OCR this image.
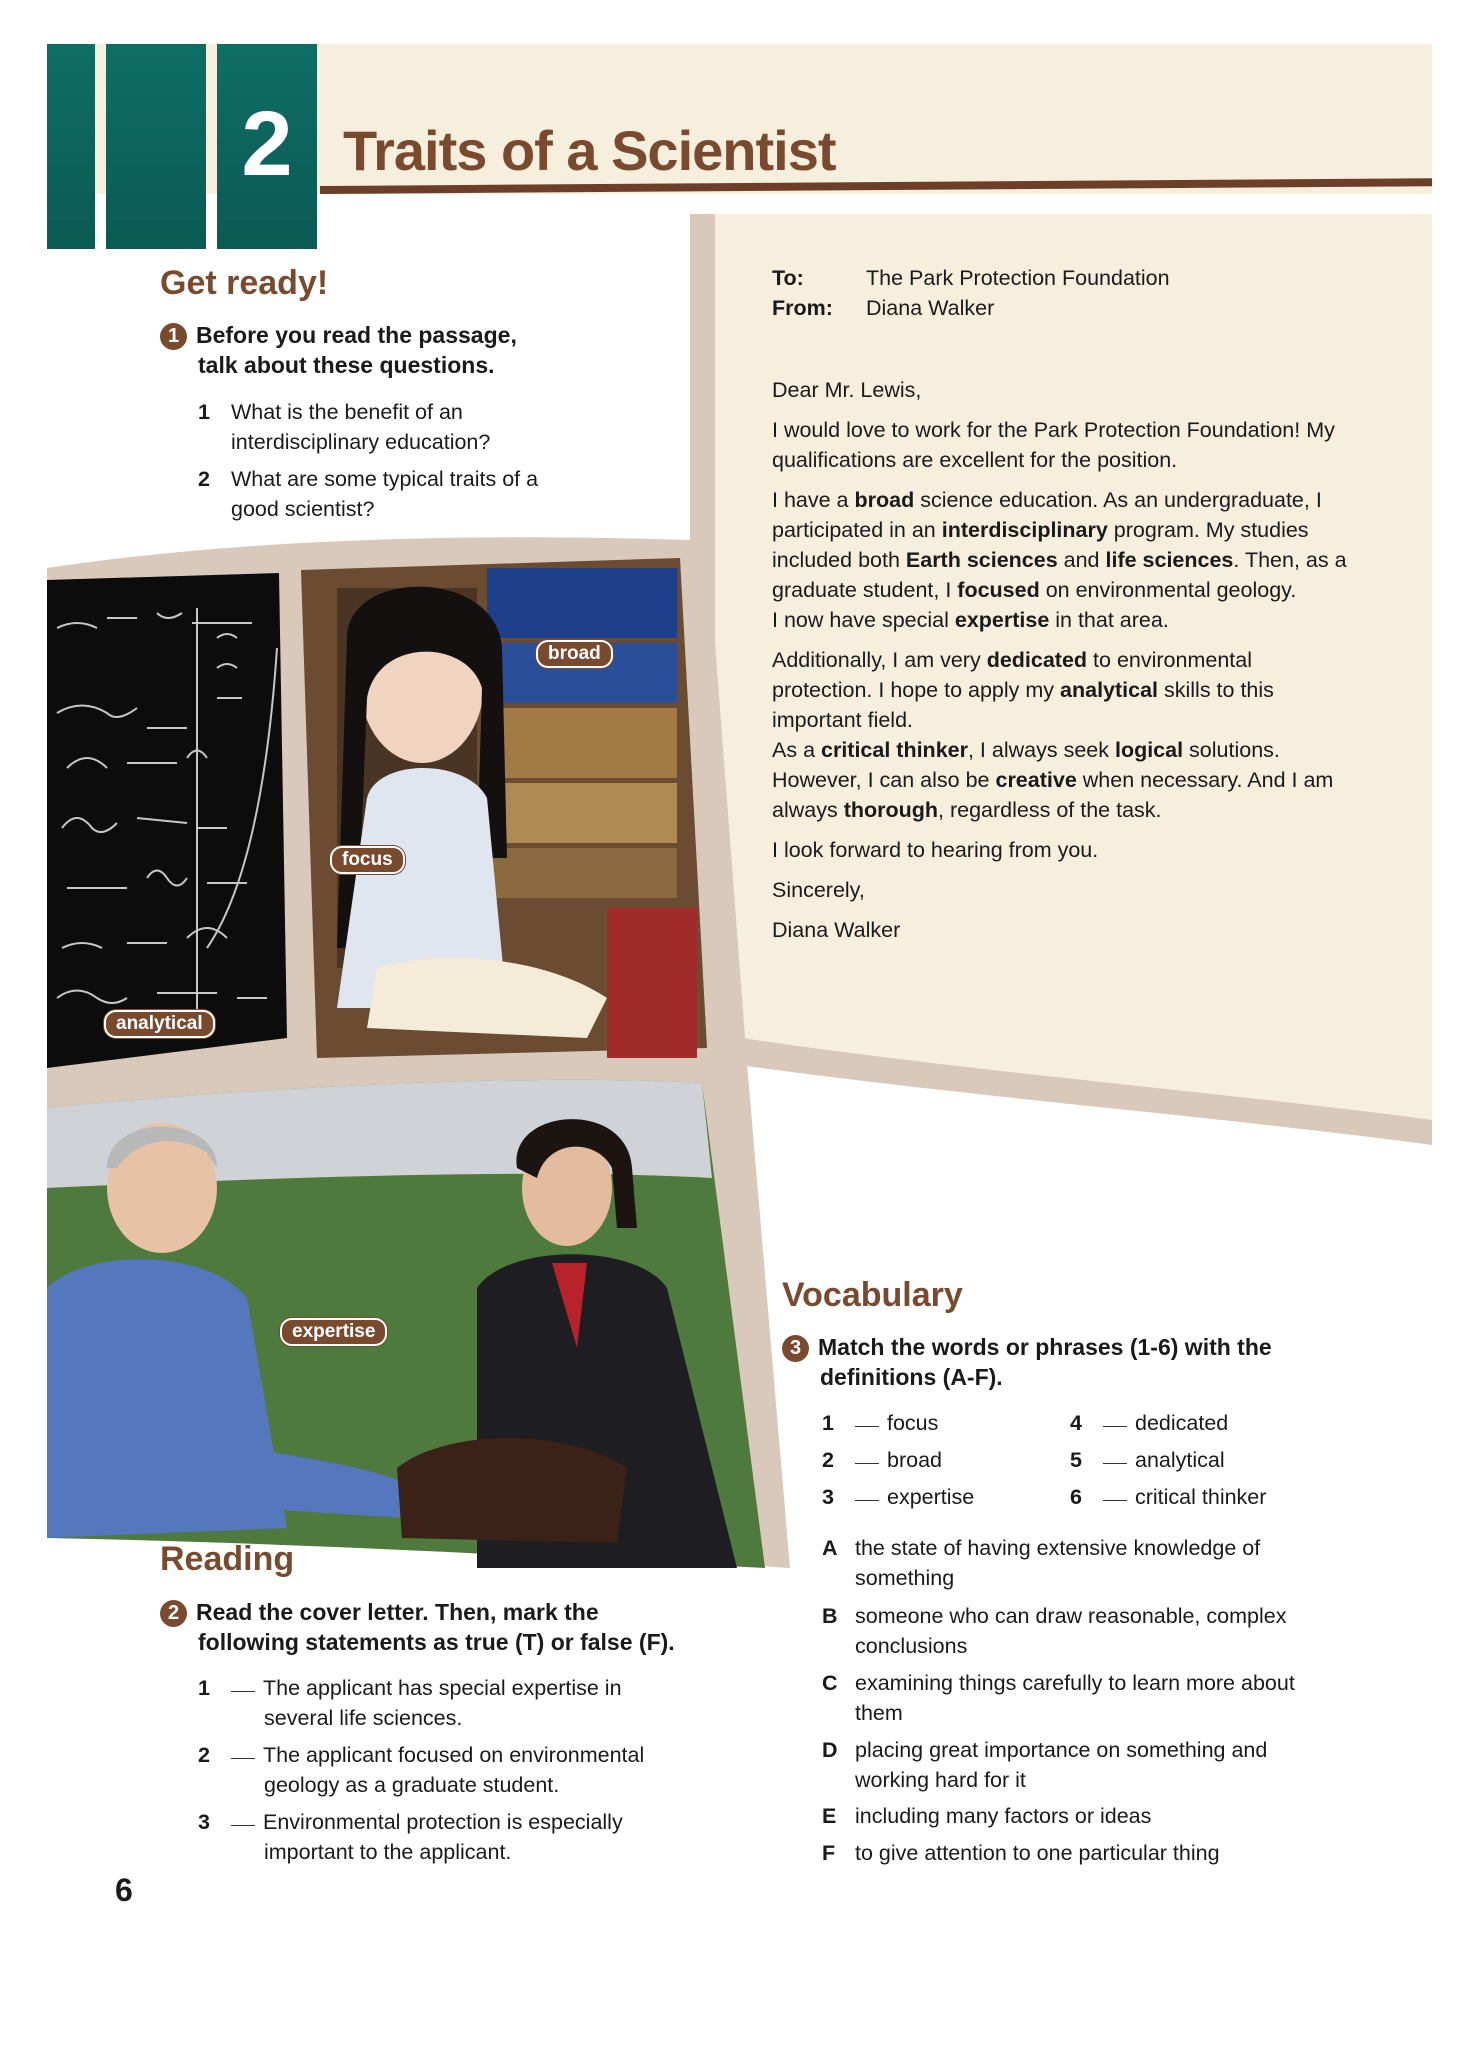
2 Traits of a Scientist
Get ready!
1 Before you read the passage,
talk about these questions.
1 What is the benefit of an
interdisciplinary education?
2 What are some typical traits of a
good scientist?
broad
focus
analytical
expertise
To:	The Park Protection Foundation
From: Diana Walker

Dear Mr. Lewis,

I would love to work for the Park Protection Foundation! My qualifications are excellent for the position.

I have a broad science education. As an undergraduate, I participated in an interdisciplinary program. My studies included both Earth sciences and life sciences. Then, as a graduate student, I focused on environmental geology.
I now have special expertise in that area.

Additionally, I am very dedicated to environmental protection. I hope to apply my analytical skills to this important field.
As a critical thinker, I always seek logical solutions. However, I can also be creative when necessary. And I am always thorough, regardless of the task.

I look forward to hearing from you.

Sincerely,

Diana Walker

Reading
2 Read the cover letter. Then, mark the
following statements as true (T) or false (F).
1	The applicant has special expertise in
several life sciences.
2	The applicant focused on environmental
geology as a graduate student.
3	Environmental protection is especially
important to the applicant.
Vocabulary
3 Match the words or phrases (1-6) with the
definitions (A-F).
1	focus
2	broad
3	expertise
4	dedicated
5	analytical
6	critical thinker
A the state of having extensive knowledge of
something
B someone who can draw reasonable, complex
conclusions
C examining things carefully to learn more about
them
D placing great importance on something and
working hard for it
E including many factors or ideas
F to give attention to one particular thing
6
